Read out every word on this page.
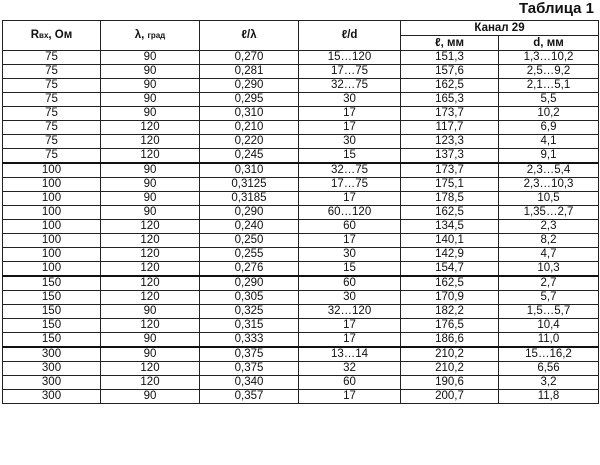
Таблица 1
Rвх, Ом	λ, град	ℓ/λ	ℓ/d	Канал 29	
				ℓ, мм	d, мм
75	90	0,270	15…120	151,3	1,3…10,2
75	90	0,281	17…75	157,6	2,5…9,2
75	90	0,290	32…75	162,5	2,1…5,1
75	90	0,295	30	165,3	5,5
75	90	0,310	17	173,7	10,2
75	120	0,210	17	117,7	6,9
75	120	0,220	30	123,3	4,1
75	120	0,245	15	137,3	9,1
100	90	0,310	32…75	173,7	2,3…5,4
100	90	0,3125	17…75	175,1	2,3…10,3
100	90	0,3185	17	178,5	10,5
100	90	0,290	60…120	162,5	1,35…2,7
100	120	0,240	60	134,5	2,3
100	120	0,250	17	140,1	8,2
100	120	0,255	30	142,9	4,7
100	120	0,276	15	154,7	10,3
150	120	0,290	60	162,5	2,7
150	120	0,305	30	170,9	5,7
150	90	0,325	32…120	182,2	1,5…5,7
150	120	0,315	17	176,5	10,4
150	90	0,333	17	186,6	11,0
300	90	0,375	13…14	210,2	15…16,2
300	120	0,375	32	210,2	6,56
300	120	0,340	60	190,6	3,2
300	90	0,357	17	200,7	11,8
